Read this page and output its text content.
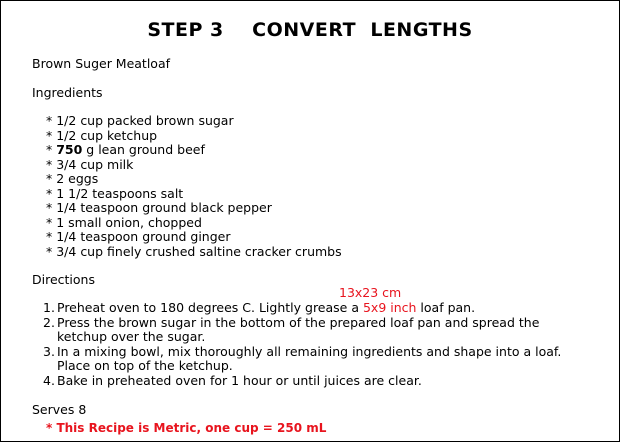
STEP 3    CONVERT  LENGTHS
Brown Suger Meatloaf
Ingredients
* 1/2 cup packed brown sugar
* 1/2 cup ketchup
* 750 g lean ground beef
* 3/4 cup milk
* 2 eggs
* 1 1/2 teaspoons salt
* 1/4 teaspoon ground black pepper
* 1 small onion, chopped
* 1/4 teaspoon ground ginger
* 3/4 cup finely crushed saltine cracker crumbs
Directions
13x23 cm
1. Preheat oven to 180 degrees C. Lightly grease a 5x9 inch loaf pan.
2. Press the brown sugar in the bottom of the prepared loaf pan and spread the ketchup over the sugar.
3. In a mixing bowl, mix thoroughly all remaining ingredients and shape into a loaf. Place on top of the ketchup.
4. Bake in preheated oven for 1 hour or until juices are clear.
Serves 8
* This Recipe is Metric, one cup = 250 mL
